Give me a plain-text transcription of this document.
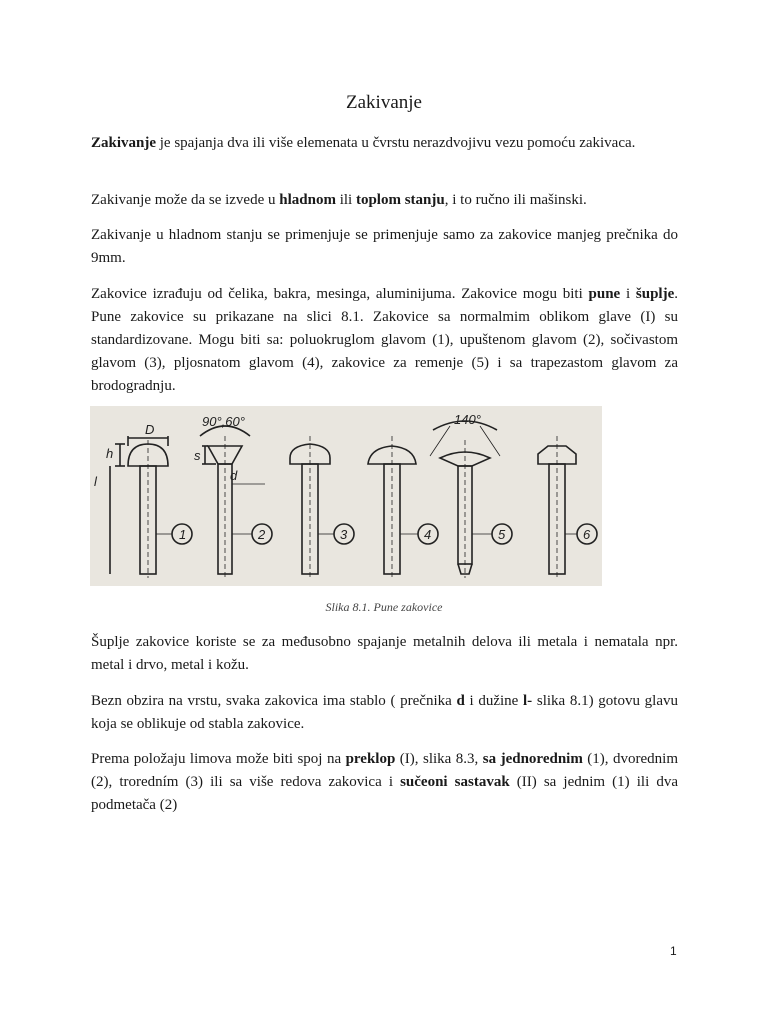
Zakivanje

Zakivanje je spajanja dva ili više elemenata u čvrstu nerazdvojivu vezu pomoću zakivaca.

Zakivanje može da se izvede u hladnom ili toplom stanju, i to ručno ili mašinski.

Zakivanje u hladnom stanju se primenjuje se primenjuje samo za zakovice manjeg prečnika do 9mm.

Zakovice izrađuju od čelika, bakra, mesinga, aluminijuma. Zakovice mogu biti pune i šuplje. Pune zakovice su prikazane na slici 8.1. Zakovice sa normalmim oblikom glave (I) su standardizovane. Mogu biti sa: poluokruglom glavom (1), upuštenom glavom (2), sočivastom glavom (3), pljosnatom glavom (4), zakovice za remenje (5) i sa trapezastom glavom za brodogradnju.

D
h
l
s
d
90°,60°	140°
1	2	3	4	5	6
Slika 8.1. Pune zakovice

Šuplje zakovice koriste se za međusobno spajanje metalnih delova ili metala i nematala npr. metal i drvo, metal i kožu.

Bezn obzira na vrstu, svaka zakovica ima stablo ( prečnika d i dužine l- slika 8.1) gotovu glavu koja se oblikuje od stabla zakovice.

Prema položaju limova može biti spoj na preklop (I), slika 8.3, sa jednorednim (1), dvorednim (2), troredním (3) ili sa više redova zakovica i sučeoni sastavak (II) sa jednim (1) ili dva podmetača (2)

1
